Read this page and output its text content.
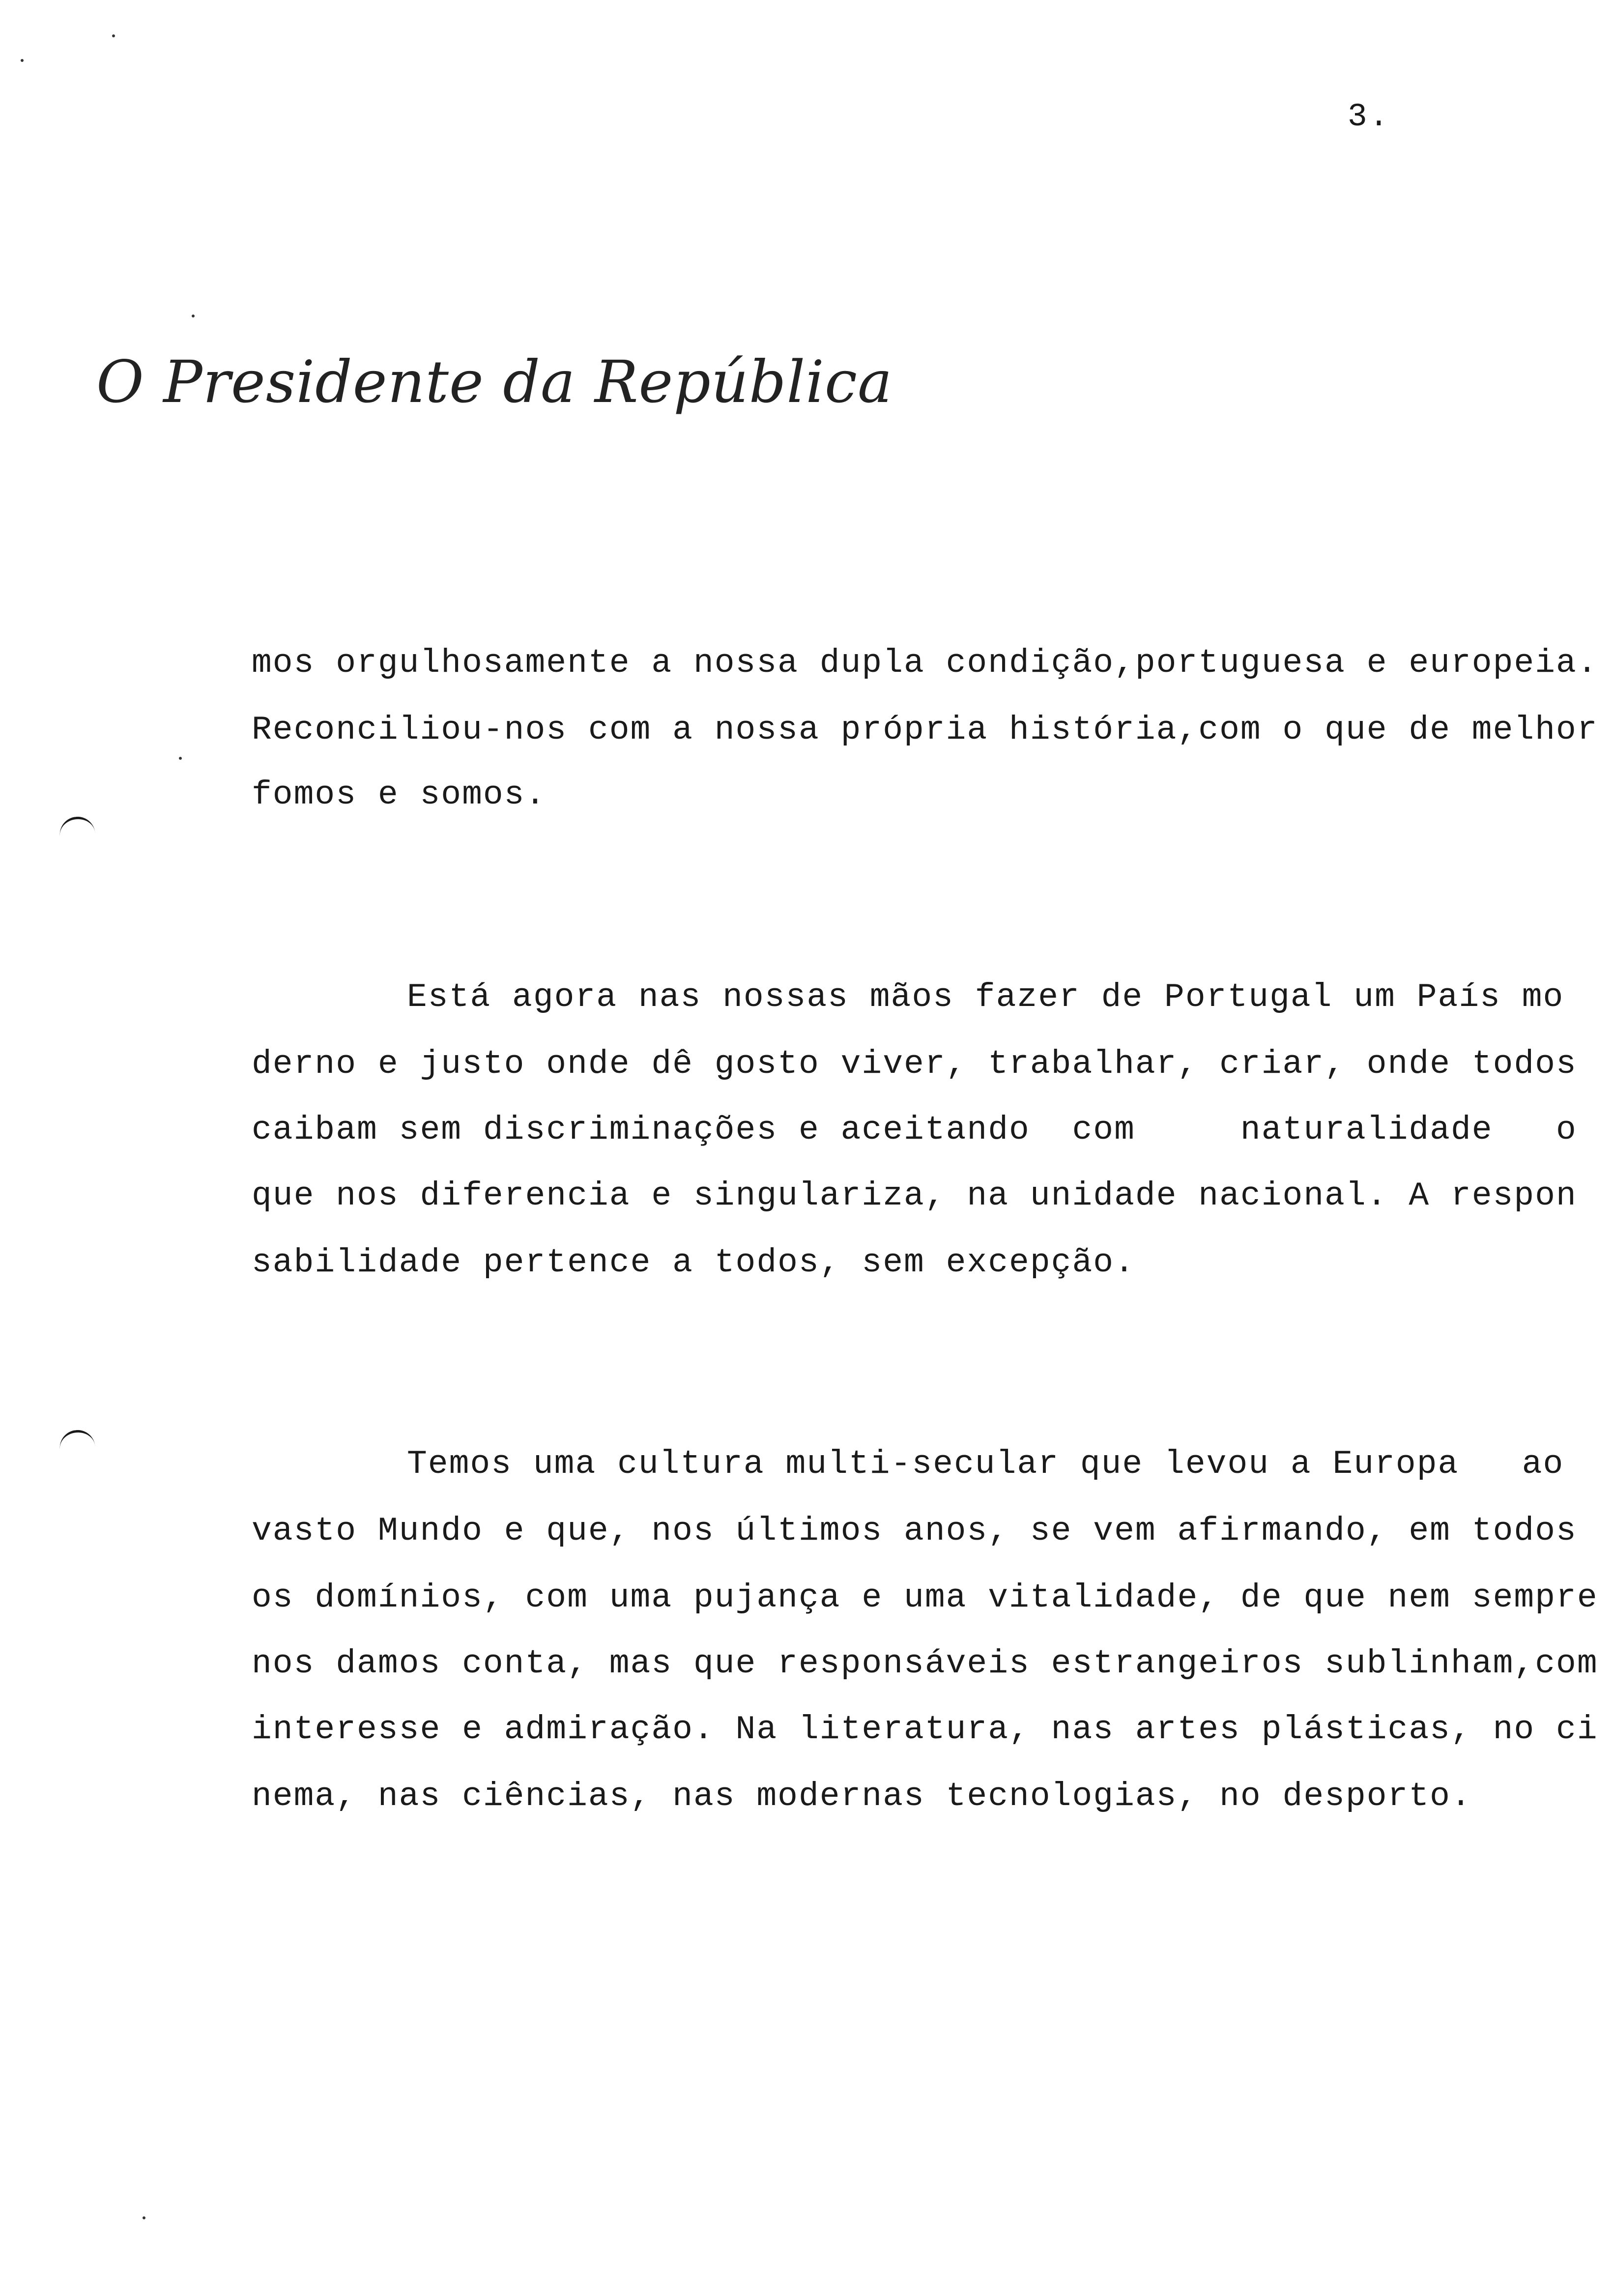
3.
O Presidente da República
mos orgulhosamente a nossa dupla condição,portuguesa e europeia.
Reconciliou-nos com a nossa própria história,com o que de melhor
fomos e somos.
Está agora nas nossas mãos fazer de Portugal um País mo
derno e justo onde dê gosto viver, trabalhar, criar, onde todos
caibam sem discriminações e aceitando  com     naturalidade   o
que nos diferencia e singulariza, na unidade nacional. A respon
sabilidade pertence a todos, sem excepção.
Temos uma cultura multi-secular que levou a Europa   ao
vasto Mundo e que, nos últimos anos, se vem afirmando, em todos
os domínios, com uma pujança e uma vitalidade, de que nem sempre
nos damos conta, mas que responsáveis estrangeiros sublinham,com
interesse e admiração. Na literatura, nas artes plásticas, no ci
nema, nas ciências, nas modernas tecnologias, no desporto.
